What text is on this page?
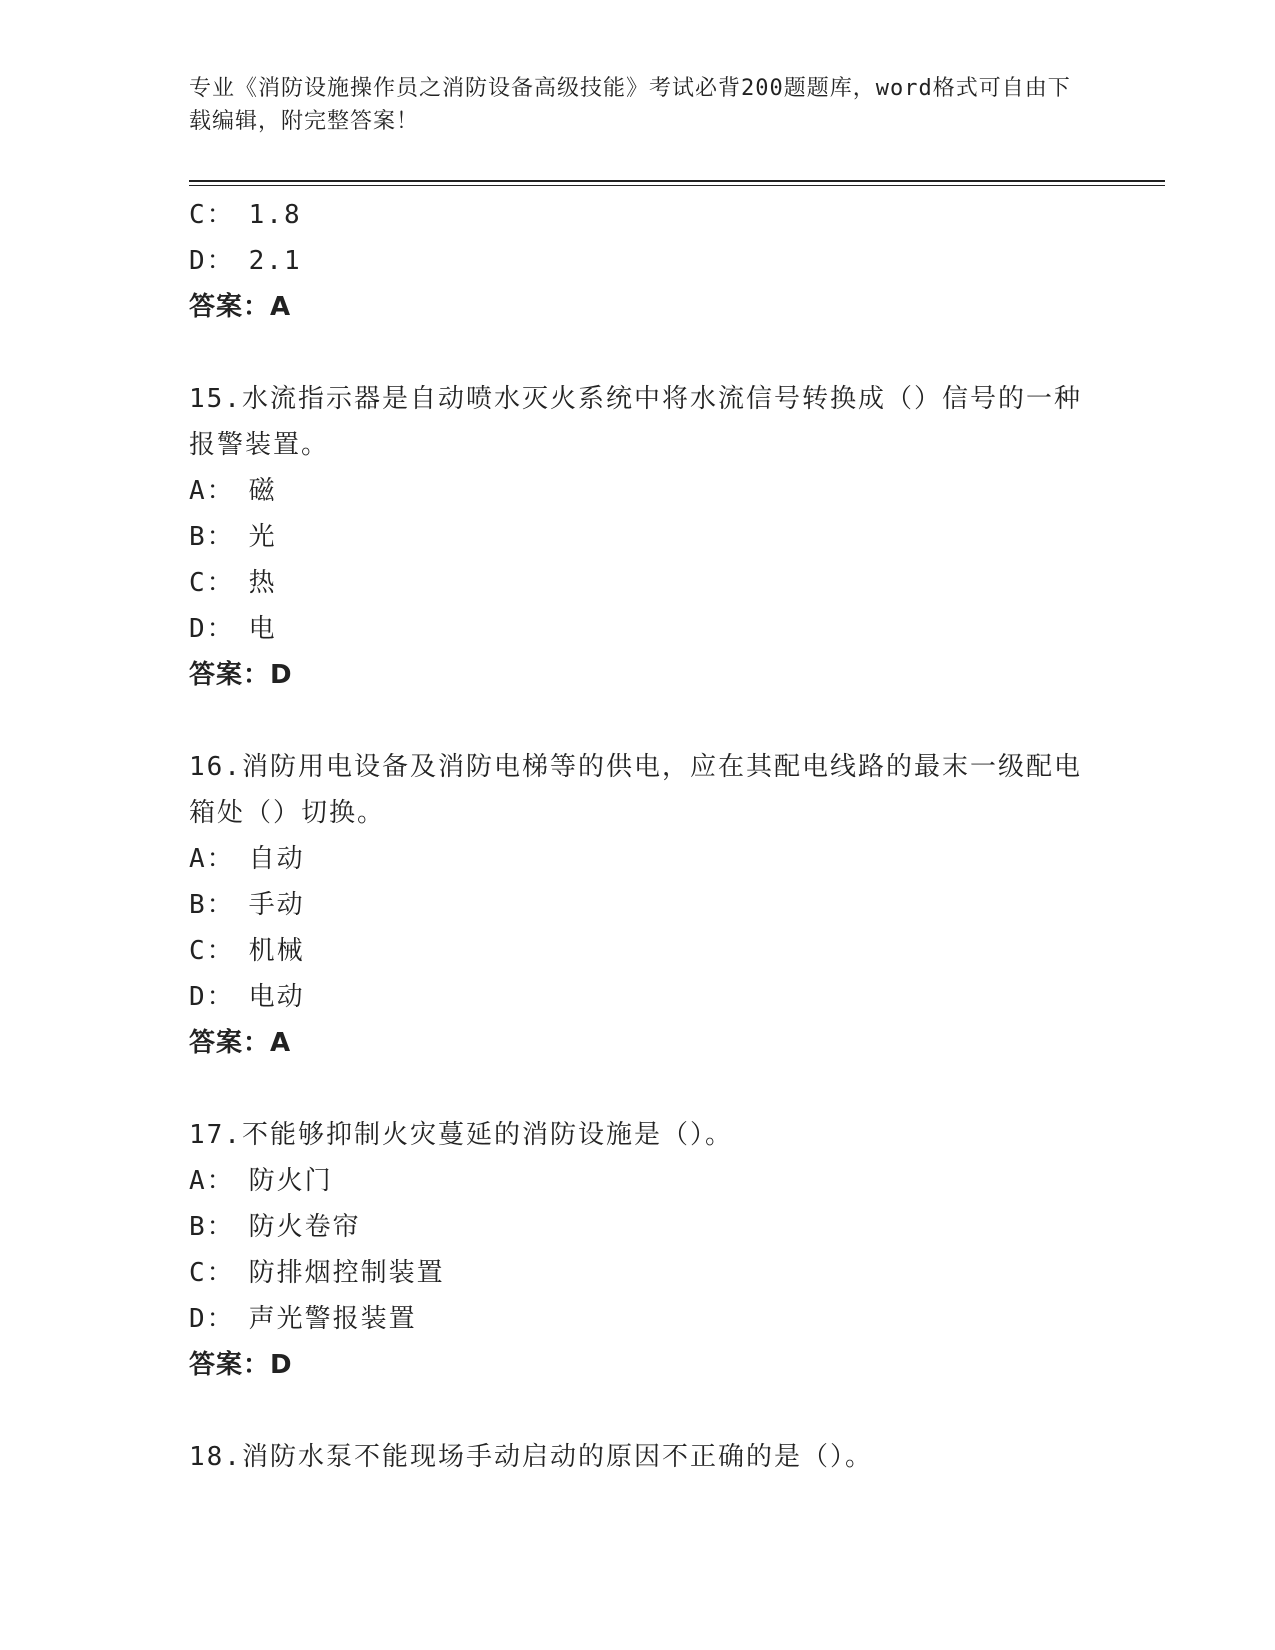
专业《消防设施操作员之消防设备高级技能》考试必背200题题库，word格式可自由下载编辑，附完整答案！
C： 1.8
D： 2.1
答案：A
15.水流指示器是自动喷水灭火系统中将水流信号转换成（）信号的一种报警装置。
A： 磁
B： 光
C： 热
D： 电
答案：D
16.消防用电设备及消防电梯等的供电，应在其配电线路的最末一级配电箱处（）切换。
A： 自动
B： 手动
C： 机械
D： 电动
答案：A
17.不能够抑制火灾蔓延的消防设施是（）。
A： 防火门
B： 防火卷帘
C： 防排烟控制装置
D： 声光警报装置
答案：D
18.消防水泵不能现场手动启动的原因不正确的是（）。
